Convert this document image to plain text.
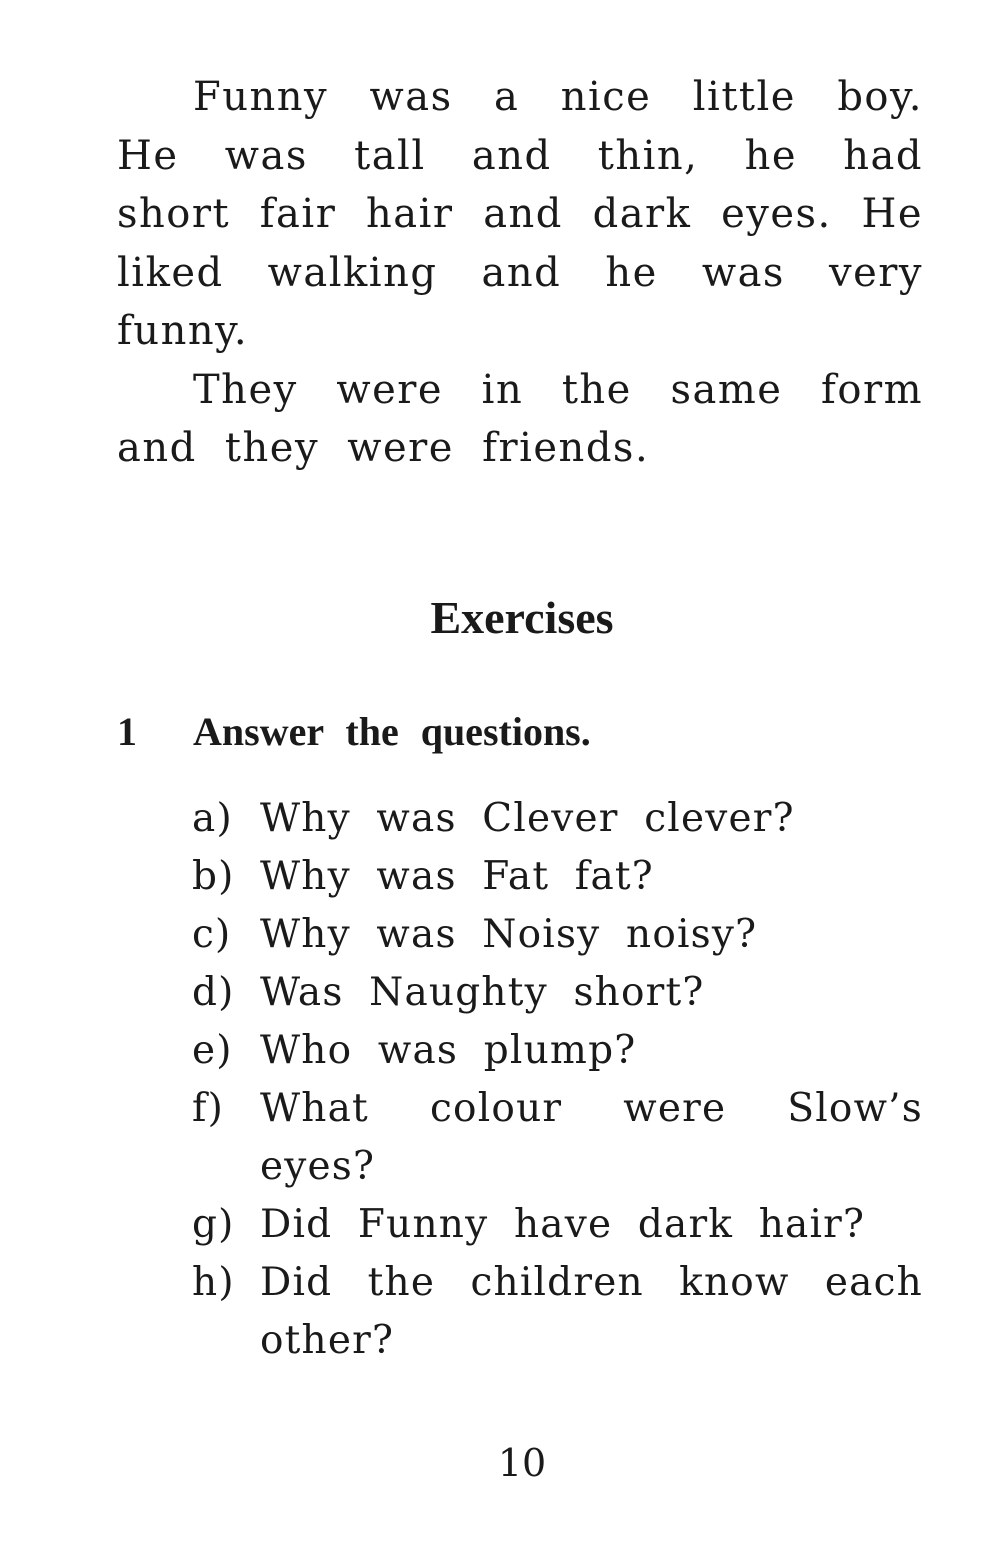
Funny was a nice little boy. He was tall and thin, he had short fair hair and dark eyes. He liked walking and he was very funny.

They were in the same form and they were friends.

Exercises
1 Answer the questions.
a) Why was Clever clever?
b) Why was Fat fat?
c) Why was Noisy noisy?
d) Was Naughty short?
e) Who was plump?
f) What colour were Slow’s eyes?
g) Did Funny have dark hair?
h) Did the children know each other?
10
